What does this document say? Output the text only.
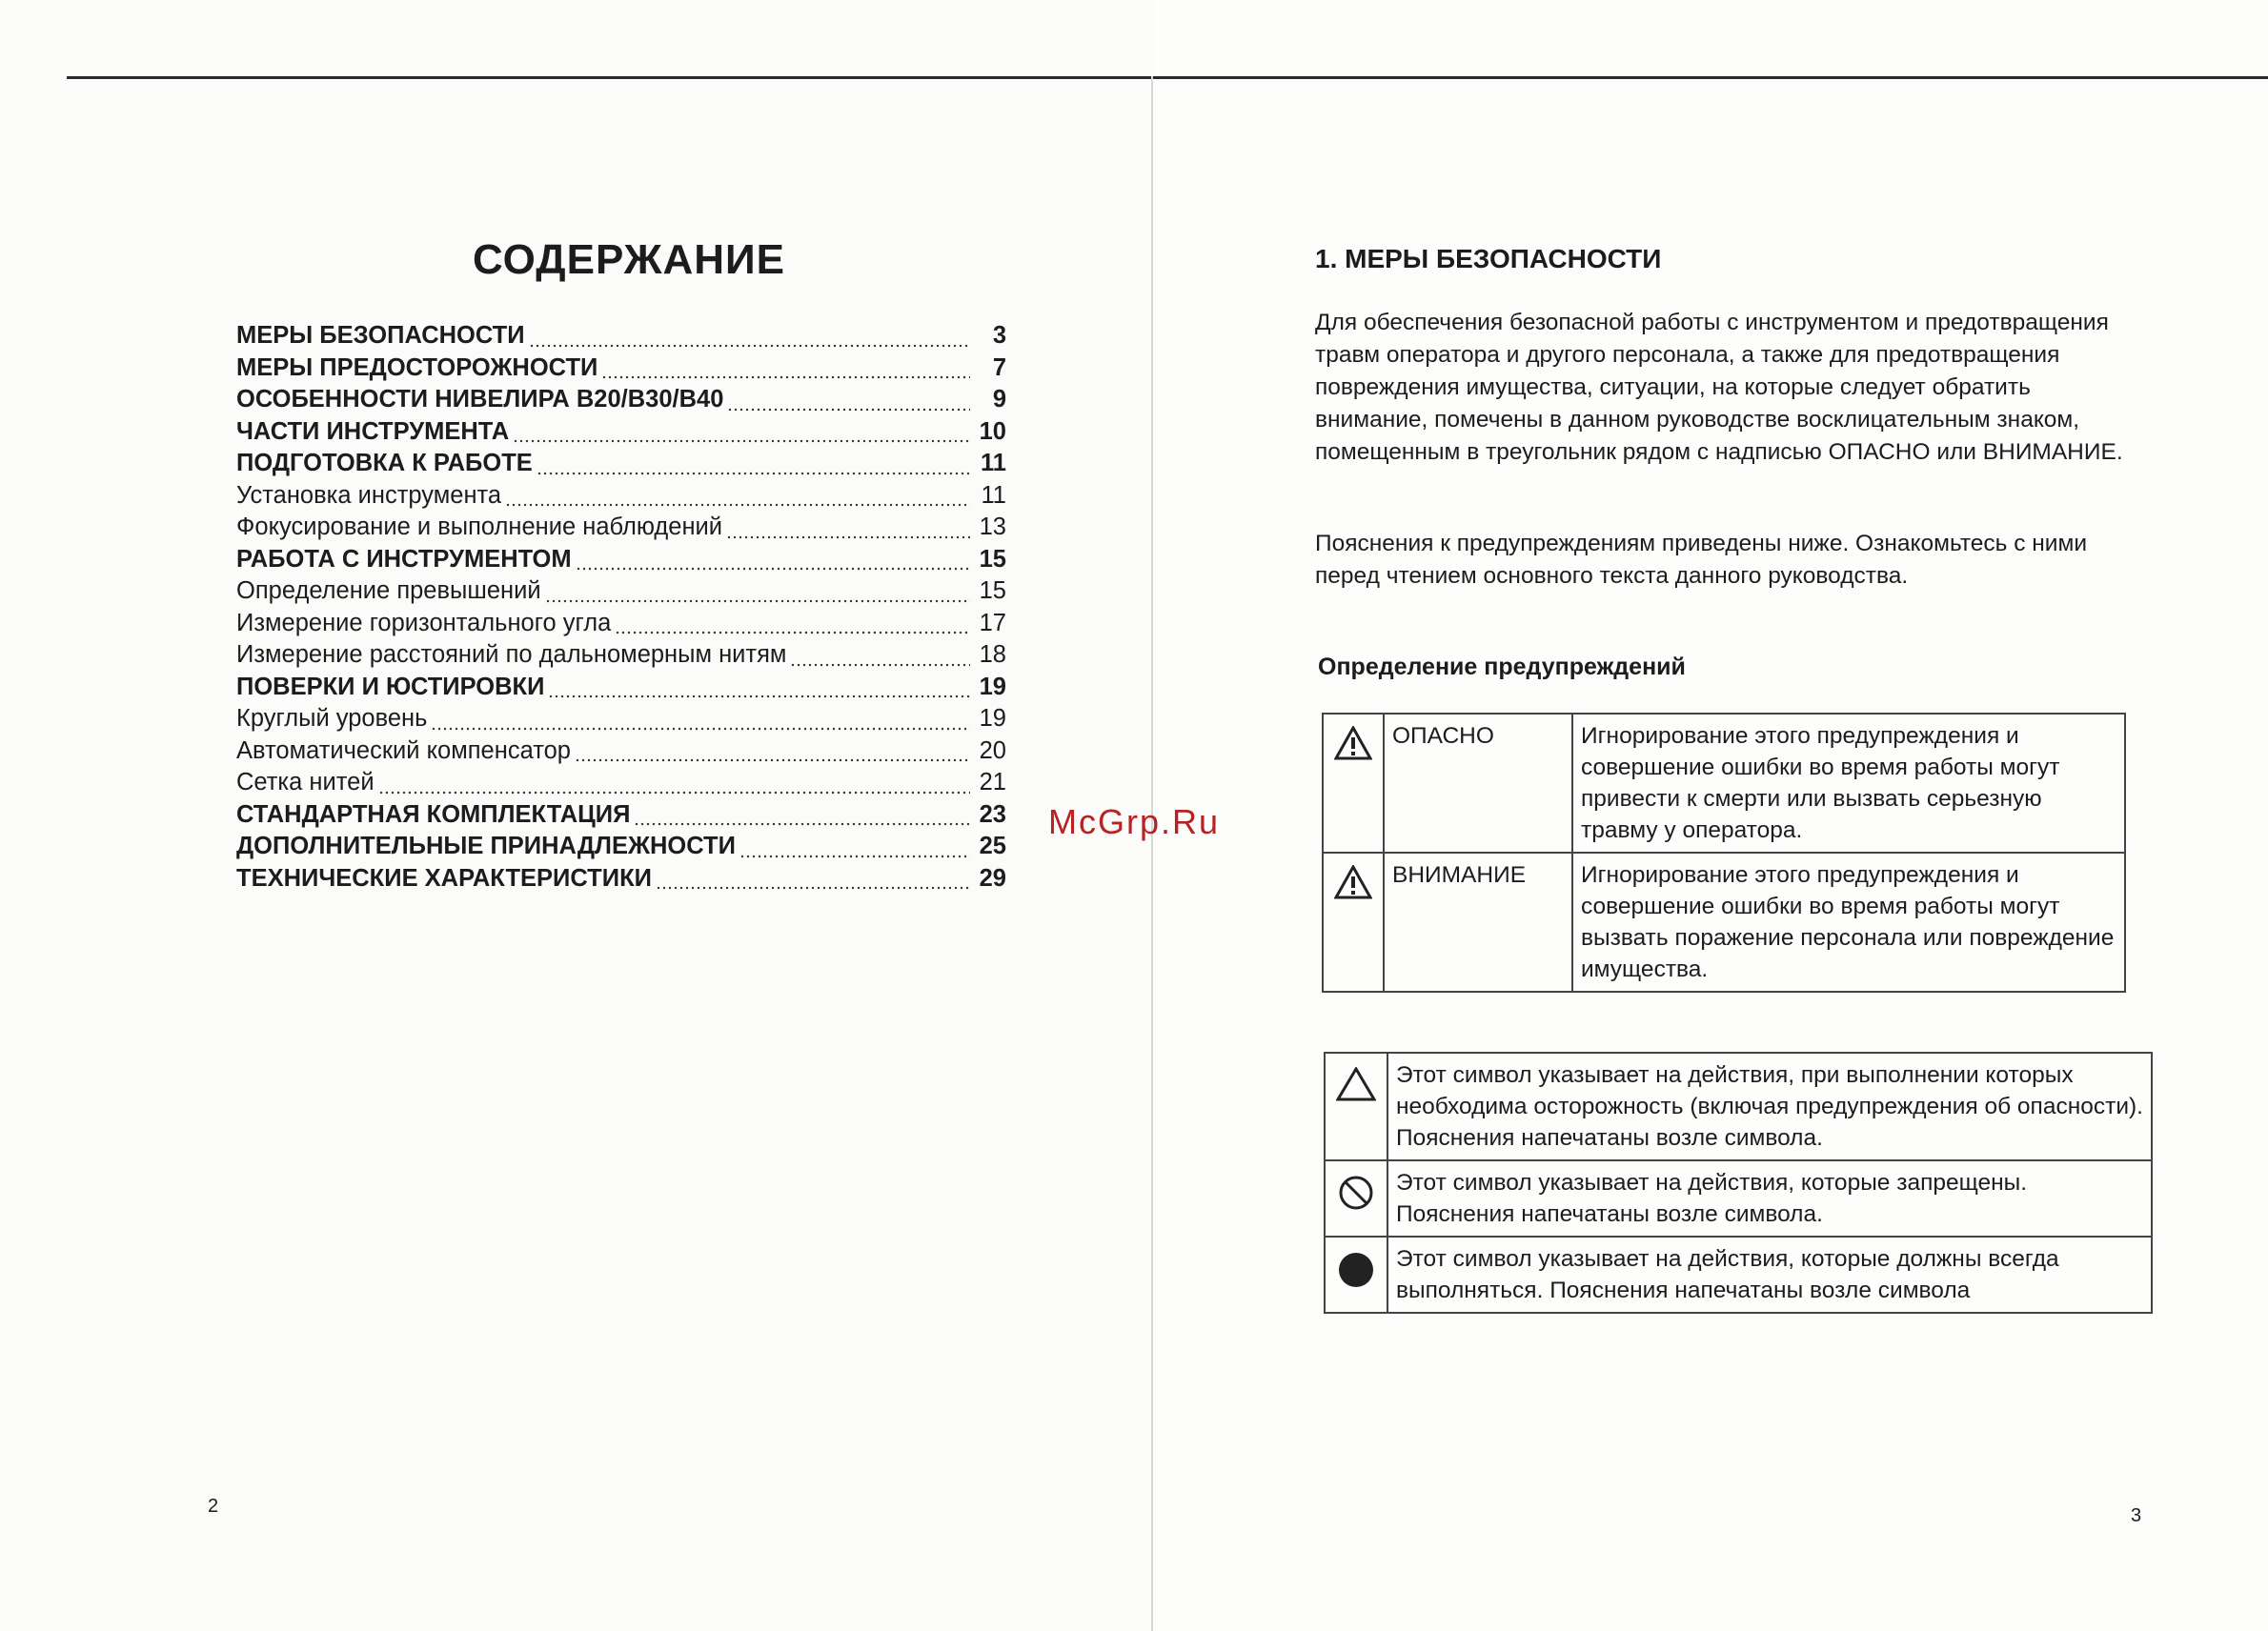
СОДЕРЖАНИЕ
МЕРЫ БЕЗОПАСНОСТИ	3
МЕРЫ ПРЕДОСТОРОЖНОСТИ	7
ОСОБЕННОСТИ НИВЕЛИРА В20/В30/В40	9
ЧАСТИ ИНСТРУМЕНТА	10
ПОДГОТОВКА К РАБОТЕ	11
Установка инструмента	11
Фокусирование и выполнение наблюдений	13
РАБОТА С ИНСТРУМЕНТОМ	15
Определение превышений	15
Измерение горизонтального угла	17
Измерение расстояний по дальномерным нитям	18
ПОВЕРКИ И ЮСТИРОВКИ	19
Круглый уровень	19
Автоматический компенсатор	20
Сетка нитей	21
СТАНДАРТНАЯ КОМПЛЕКТАЦИЯ	23
ДОПОЛНИТЕЛЬНЫЕ ПРИНАДЛЕЖНОСТИ	25
ТЕХНИЧЕСКИЕ ХАРАКТЕРИСТИКИ	29
2
1. МЕРЫ БЕЗОПАСНОСТИ

Для обеспечения безопасной работы с инструментом и предотвращения травм оператора и другого персонала, а также для предотвращения повреждения имущества, ситуации, на которые следует обратить внимание, помечены в данном руководстве восклицательным знаком, помещенным в треугольник рядом с надписью ОПАСНО или ВНИМАНИЕ.

Пояснения к предупреждениям приведены ниже. Ознакомьтесь с ними перед чтением основного текста данного руководства.

Определение предупреждений
	ОПАСНО	Игнорирование этого предупреждения и совершение ошибки во время работы могут привести к смерти или вызвать серьезную травму у оператора.
	ВНИМАНИЕ	Игнорирование этого предупреждения и совершение ошибки во время работы могут вызвать поражение персонала или повреждение имущества.
	Этот символ указывает на действия, при выполнении которых необходима осторожность (включая предупреждения об опасности). Пояснения напечатаны возле символа.
	Этот символ указывает на действия, которые запрещены. Пояснения напечатаны возле символа.
	Этот символ указывает на действия, которые должны всегда выполняться. Пояснения напечатаны возле символа
3
McGrp.Ru
